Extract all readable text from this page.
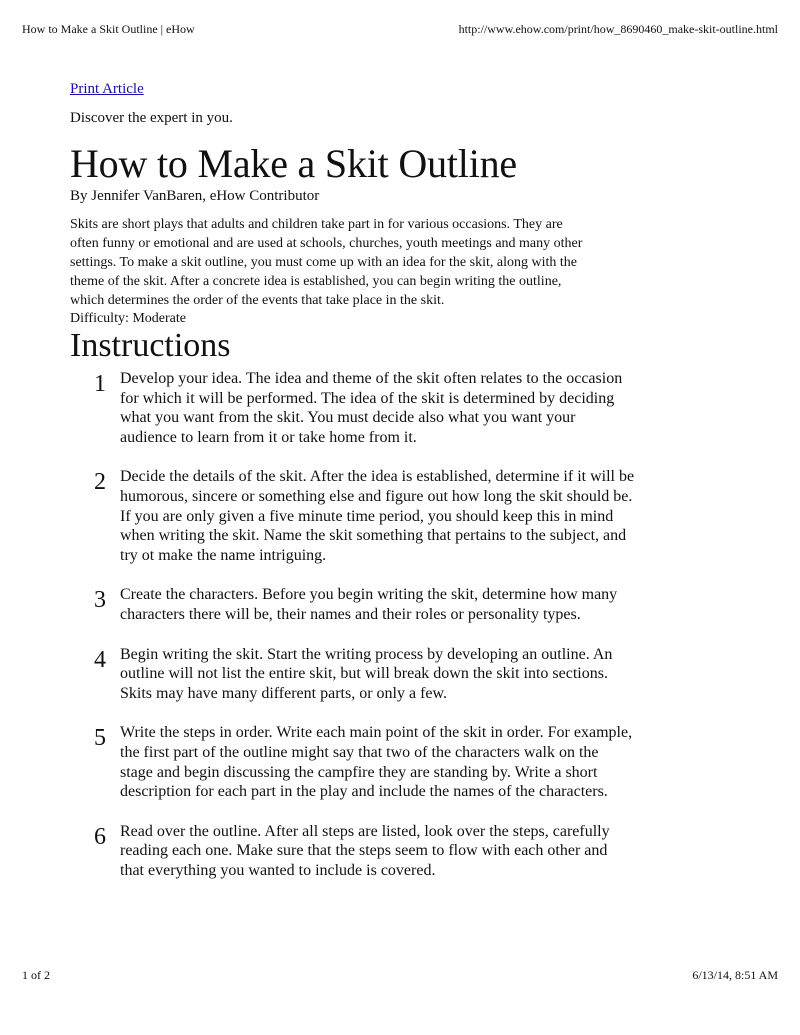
How to Make a Skit Outline | eHow	http://www.ehow.com/print/how_8690460_make-skit-outline.html
Print Article
Discover the expert in you.
How to Make a Skit Outline
By Jennifer VanBaren, eHow Contributor
Skits are short plays that adults and children take part in for various occasions. They are often funny or emotional and are used at schools, churches, youth meetings and many other settings. To make a skit outline, you must come up with an idea for the skit, along with the theme of the skit. After a concrete idea is established, you can begin writing the outline, which determines the order of the events that take place in the skit.
Difficulty: Moderate
Instructions
1 Develop your idea. The idea and theme of the skit often relates to the occasion for which it will be performed. The idea of the skit is determined by deciding what you want from the skit. You must decide also what you want your audience to learn from it or take home from it.
2 Decide the details of the skit. After the idea is established, determine if it will be humorous, sincere or something else and figure out how long the skit should be. If you are only given a five minute time period, you should keep this in mind when writing the skit. Name the skit something that pertains to the subject, and try ot make the name intriguing.
3 Create the characters. Before you begin writing the skit, determine how many characters there will be, their names and their roles or personality types.
4 Begin writing the skit. Start the writing process by developing an outline. An outline will not list the entire skit, but will break down the skit into sections. Skits may have many different parts, or only a few.
5 Write the steps in order. Write each main point of the skit in order. For example, the first part of the outline might say that two of the characters walk on the stage and begin discussing the campfire they are standing by. Write a short description for each part in the play and include the names of the characters.
6 Read over the outline. After all steps are listed, look over the steps, carefully reading each one. Make sure that the steps seem to flow with each other and that everything you wanted to include is covered.
1 of 2	6/13/14, 8:51 AM
